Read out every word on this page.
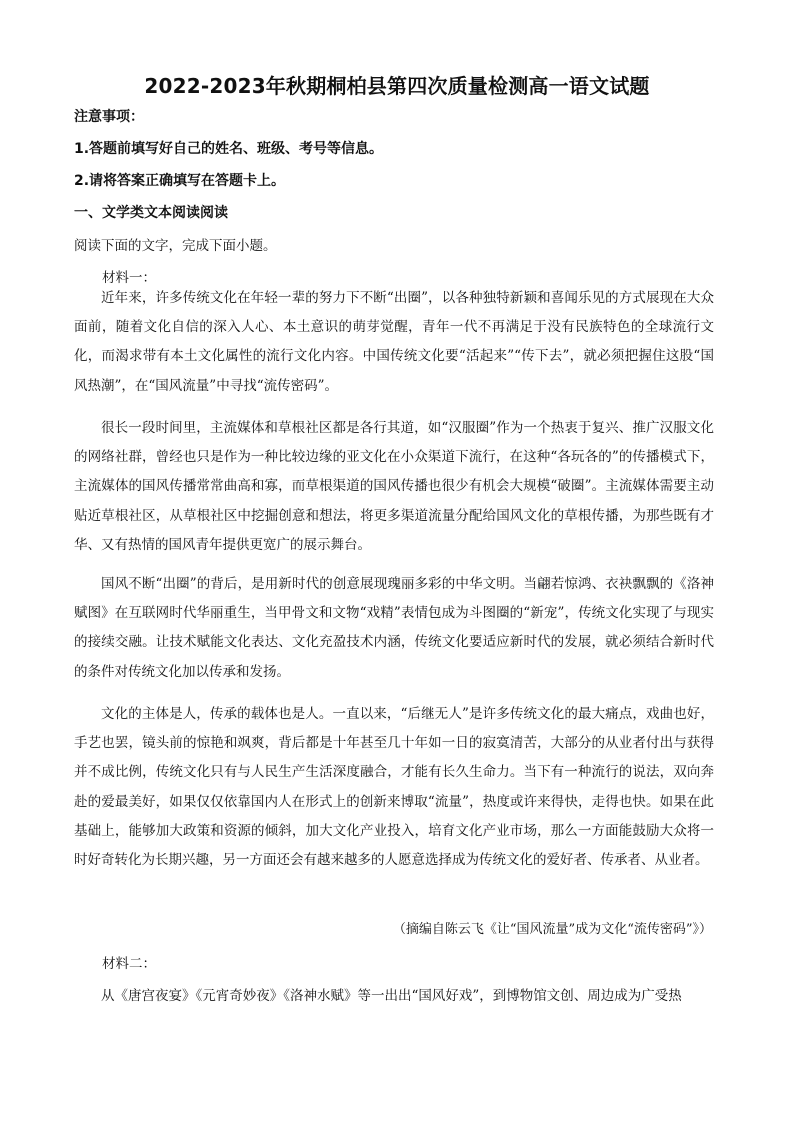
2022-2023年秋期桐柏县第四次质量检测高一语文试题
注意事项：
1.答题前填写好自己的姓名、班级、考号等信息。
2.请将答案正确填写在答题卡上。
一、文学类文本阅读阅读
阅读下面的文字，完成下面小题。
材料一：

近年来，许多传统文化在年轻一辈的努力下不断“出圈”，以各种独特新颖和喜闻乐见的方式展现在大众面前，随着文化自信的深入人心、本土意识的萌芽觉醒，青年一代不再满足于没有民族特色的全球流行文化，而渴求带有本土文化属性的流行文化内容。中国传统文化要“活起来”“传下去”，就必须把握住这股“国风热潮”，在“国风流量”中寻找“流传密码”。

很长一段时间里，主流媒体和草根社区都是各行其道，如“汉服圈”作为一个热衷于复兴、推广汉服文化的网络社群，曾经也只是作为一种比较边缘的亚文化在小众渠道下流行，在这种“各玩各的”的传播模式下，主流媒体的国风传播常常曲高和寡，而草根渠道的国风传播也很少有机会大规模“破圈”。主流媒体需要主动贴近草根社区，从草根社区中挖掘创意和想法，将更多渠道流量分配给国风文化的草根传播，为那些既有才华、又有热情的国风青年提供更宽广的展示舞台。

国风不断“出圈”的背后，是用新时代的创意展现瑰丽多彩的中华文明。当翩若惊鸿、衣袂飘飘的《洛神赋图》在互联网时代华丽重生，当甲骨文和文物“戏精”表情包成为斗图圈的“新宠”，传统文化实现了与现实的接续交融。让技术赋能文化表达、文化充盈技术内涵，传统文化要适应新时代的发展，就必须结合新时代的条件对传统文化加以传承和发扬。

文化的主体是人，传承的载体也是人。一直以来，“后继无人”是许多传统文化的最大痛点，戏曲也好，手艺也罢，镜头前的惊艳和飒爽，背后都是十年甚至几十年如一日的寂寞清苦，大部分的从业者付出与获得并不成比例，传统文化只有与人民生产生活深度融合，才能有长久生命力。当下有一种流行的说法，双向奔赴的爱最美好，如果仅仅依靠国内人在形式上的创新来博取“流量”，热度或许来得快，走得也快。如果在此基础上，能够加大政策和资源的倾斜，加大文化产业投入，培育文化产业市场，那么一方面能鼓励大众将一时好奇转化为长期兴趣，另一方面还会有越来越多的人愿意选择成为传统文化的爱好者、传承者、从业者。

（摘编自陈云飞《让“国风流量”成为文化“流传密码”》）
材料二：

从《唐宫夜宴》《元宵奇妙夜》《洛神水赋》等一出出“国风好戏”，到博物馆文创、周边成为广受热
